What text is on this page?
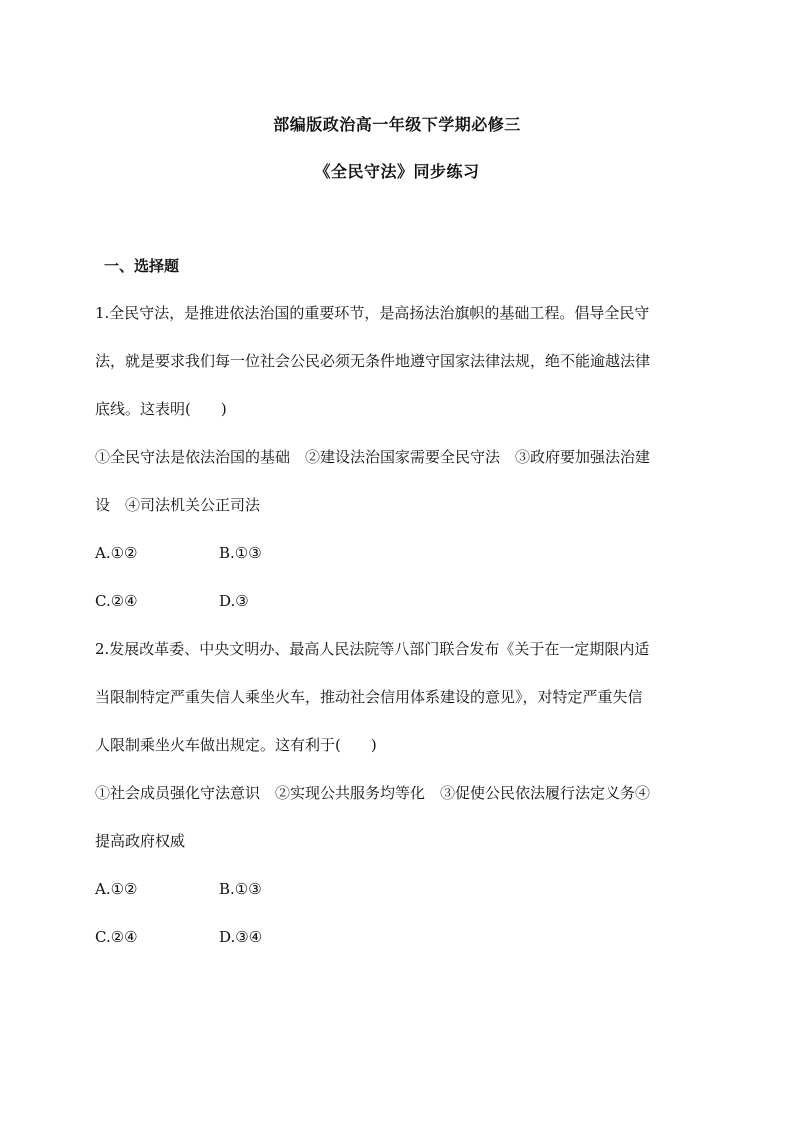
部编版政治高一年级下学期必修三
《全民守法》同步练习
一、选择题
1.全民守法，是推进依法治国的重要环节，是高扬法治旗帜的基础工程。倡导全民守
法，就是要求我们每一位社会公民必须无条件地遵守国家法律法规，绝不能逾越法律
底线。这表明(　　)
①全民守法是依法治国的基础　②建设法治国家需要全民守法　③政府要加强法治建
设　④司法机关公正司法
A.①②	B.①③
C.②④	D.③
2.发展改革委、中央文明办、最高人民法院等八部门联合发布《关于在一定期限内适
当限制特定严重失信人乘坐火车，推动社会信用体系建设的意见》，对特定严重失信
人限制乘坐火车做出规定。这有利于(　　)
①社会成员强化守法意识　②实现公共服务均等化　③促使公民依法履行法定义务④
提高政府权威
A.①②	B.①③
C.②④	D.③④
